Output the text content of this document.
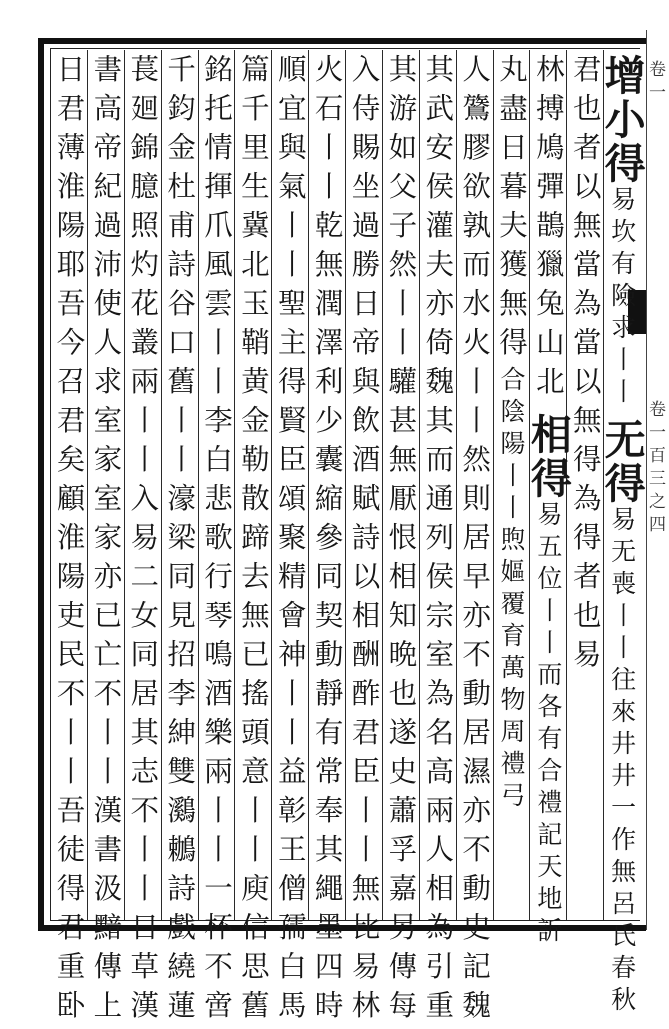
卷一
卷一百三之四
增小得
易坎有險
求丨丨
无得
易无喪丨丨往來井井一作無呂氏春秋
君也者以無當為當以無得為得者也易
林搏鳩彈鵲獵兔山北
相得
易五位丨丨而各有合禮記天地訢
丸盡日暮夫獲無得
合陰陽丨丨煦嫗覆育萬物周禮弓
人鷟膠欲孰而水火丨丨然則居早亦不動居濕亦不動史記魏
其武安侯灌夫亦倚魏其而通列侯宗室為名高兩人相為引重
其游如父子然丨丨驩甚無厭恨相知晩也遂史蕭孚嘉另傳每
入侍賜坐過勝日帝與飲酒賦詩以相酬酢君臣丨丨無比易林
火石丨丨乾無潤澤利少囊縮參同契動靜有常奉其繩墨四時
順宜與氣丨丨聖主得賢臣頌聚精會神丨丨益彰王僧孺白馬
篇千里生冀北玉鞘黄金勒散蹄去無已搖頭意丨丨庾信思舊
銘托情揮爪風雲丨丨李白悲歌行琴鳴酒樂兩丨丨一杯不啻
千鈞金杜甫詩谷口舊丨丨濠梁同見招李紳雙鸂鶒詩戲繞蓮
萇廻錦臆照灼花叢兩丨丨入易二女同居其志不丨丨日草漢
書高帝紀過沛使人求室家室家亦已亡不丨丨漢書汲黯傳上
日君薄淮陽耶吾今召君矣顧淮陽吏民不丨丨吾徒得君重卧
